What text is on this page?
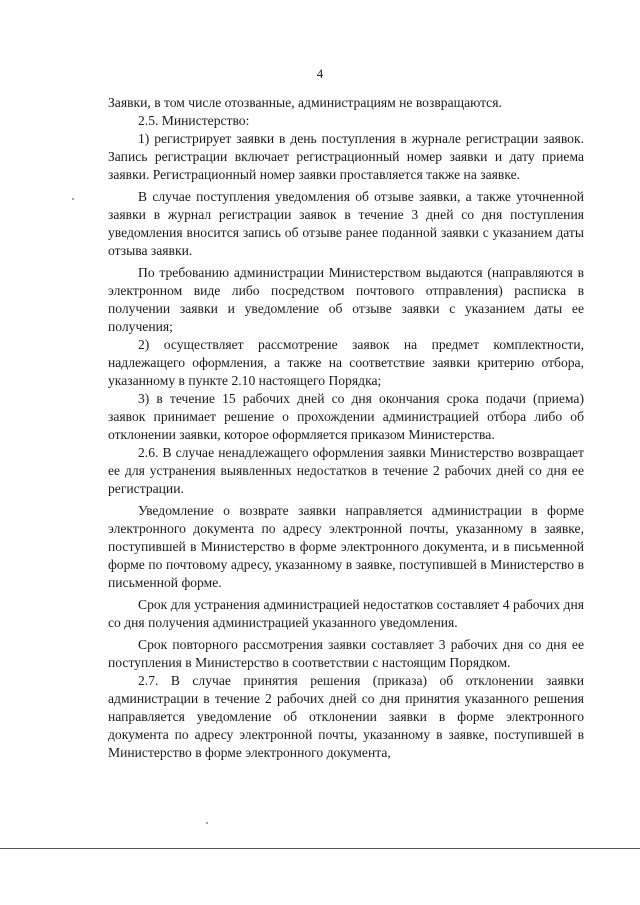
4

Заявки, в том числе отозванные, администрациям не возвращаются.

2.5. Министерство:

1) регистрирует заявки в день поступления в журнале регистрации заявок. Запись регистрации включает регистрационный номер заявки и дату приема заявки. Регистрационный номер заявки проставляется также на заявке.

В случае поступления уведомления об отзыве заявки, а также уточненной заявки в журнал регистрации заявок в течение 3 дней со дня поступления уведомления вносится запись об отзыве ранее поданной заявки с указанием даты отзыва заявки.

По требованию администрации Министерством выдаются (направляются в электронном виде либо посредством почтового отправления) расписка в получении заявки и уведомление об отзыве заявки с указанием даты ее получения;

2) осуществляет рассмотрение заявок на предмет комплектности, надлежащего оформления, а также на соответствие заявки критерию отбора, указанному в пункте 2.10 настоящего Порядка;

3) в течение 15 рабочих дней со дня окончания срока подачи (приема) заявок принимает решение о прохождении администрацией отбора либо об отклонении заявки, которое оформляется приказом Министерства.

2.6. В случае ненадлежащего оформления заявки Министерство возвращает ее для устранения выявленных недостатков в течение 2 рабочих дней со дня ее регистрации.

Уведомление о возврате заявки направляется администрации в форме электронного документа по адресу электронной почты, указанному в заявке, поступившей в Министерство в форме электронного документа, и в письменной форме по почтовому адресу, указанному в заявке, поступившей в Министерство в письменной форме.

Срок для устранения администрацией недостатков составляет 4 рабочих дня со дня получения администрацией указанного уведомления.

Срок повторного рассмотрения заявки составляет 3 рабочих дня со дня ее поступления в Министерство в соответствии с настоящим Порядком.

2.7. В случае принятия решения (приказа) об отклонении заявки администрации в течение 2 рабочих дней со дня принятия указанного решения направляется уведомление об отклонении заявки в форме электронного документа по адресу электронной почты, указанному в заявке, поступившей в Министерство в форме электронного документа,
